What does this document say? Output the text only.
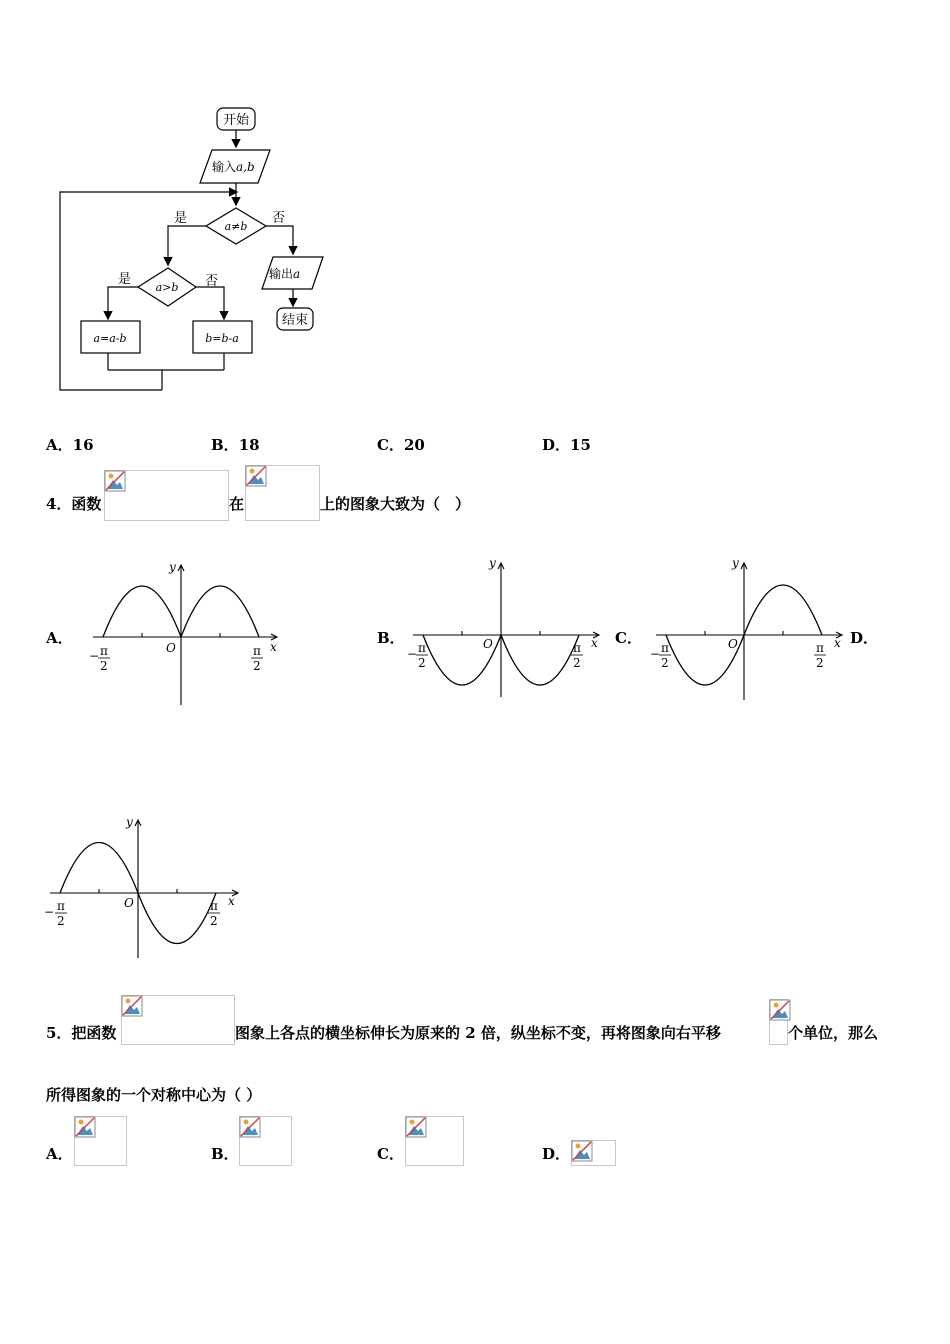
开始
输入a,b
a≠b
是	否
a>b
是	否
a=a-b	b=b-a
输出a
结束
A．16	B．18	C．20	D．15
4．函数	在	上的图象大致为（　）
A．	B．	C．	D．
y
x
O
− π
2
π
2
y
x
O
− π
2
π
2
y
x
O
− π
2
π
2
y
x
O
− π
2
π
2
5．把函数	图象上各点的横坐标伸长为原来的 2 倍，纵坐标不变，再将图象向右平移	个单位，那么
所得图象的一个对称中心为（ ）
A．	B．	C．	D．
